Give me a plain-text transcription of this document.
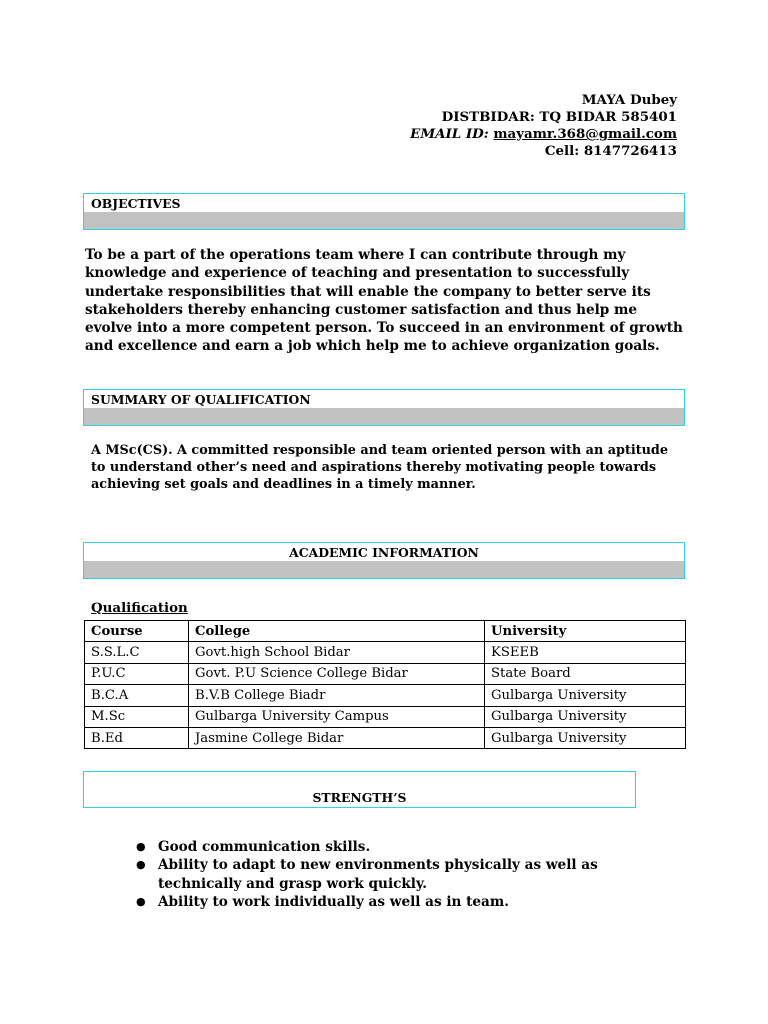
MAYA Dubey
DISTBIDAR: TQ BIDAR 585401
EMAIL ID: mayamr.368@gmail.com
Cell: 8147726413
OBJECTIVES
To be a part of the operations team where I can contribute through my knowledge and experience of teaching and presentation to successfully undertake responsibilities that will enable the company to better serve its stakeholders thereby enhancing customer satisfaction and thus help me evolve into a more competent person. To succeed in an environment of growth and excellence and earn a job which help me to achieve organization goals.
SUMMARY OF QUALIFICATION
A MSc(CS). A committed responsible and team oriented person with an aptitude to understand other’s need and aspirations thereby motivating people towards achieving set goals and deadlines in a timely manner.
ACADEMIC INFORMATION
Qualification
Course	College	University
S.S.L.C	Govt.high School Bidar	KSEEB
P.U.C	Govt. P.U Science College Bidar	State Board
B.C.A	B.V.B College Biadr	Gulbarga University
M.Sc	Gulbarga University Campus	Gulbarga University
B.Ed	Jasmine College Bidar	Gulbarga University
STRENGTH’S
● Good communication skills.
● Ability to adapt to new environments physically as well as technically and grasp work quickly.
● Ability to work individually as well as in team.
